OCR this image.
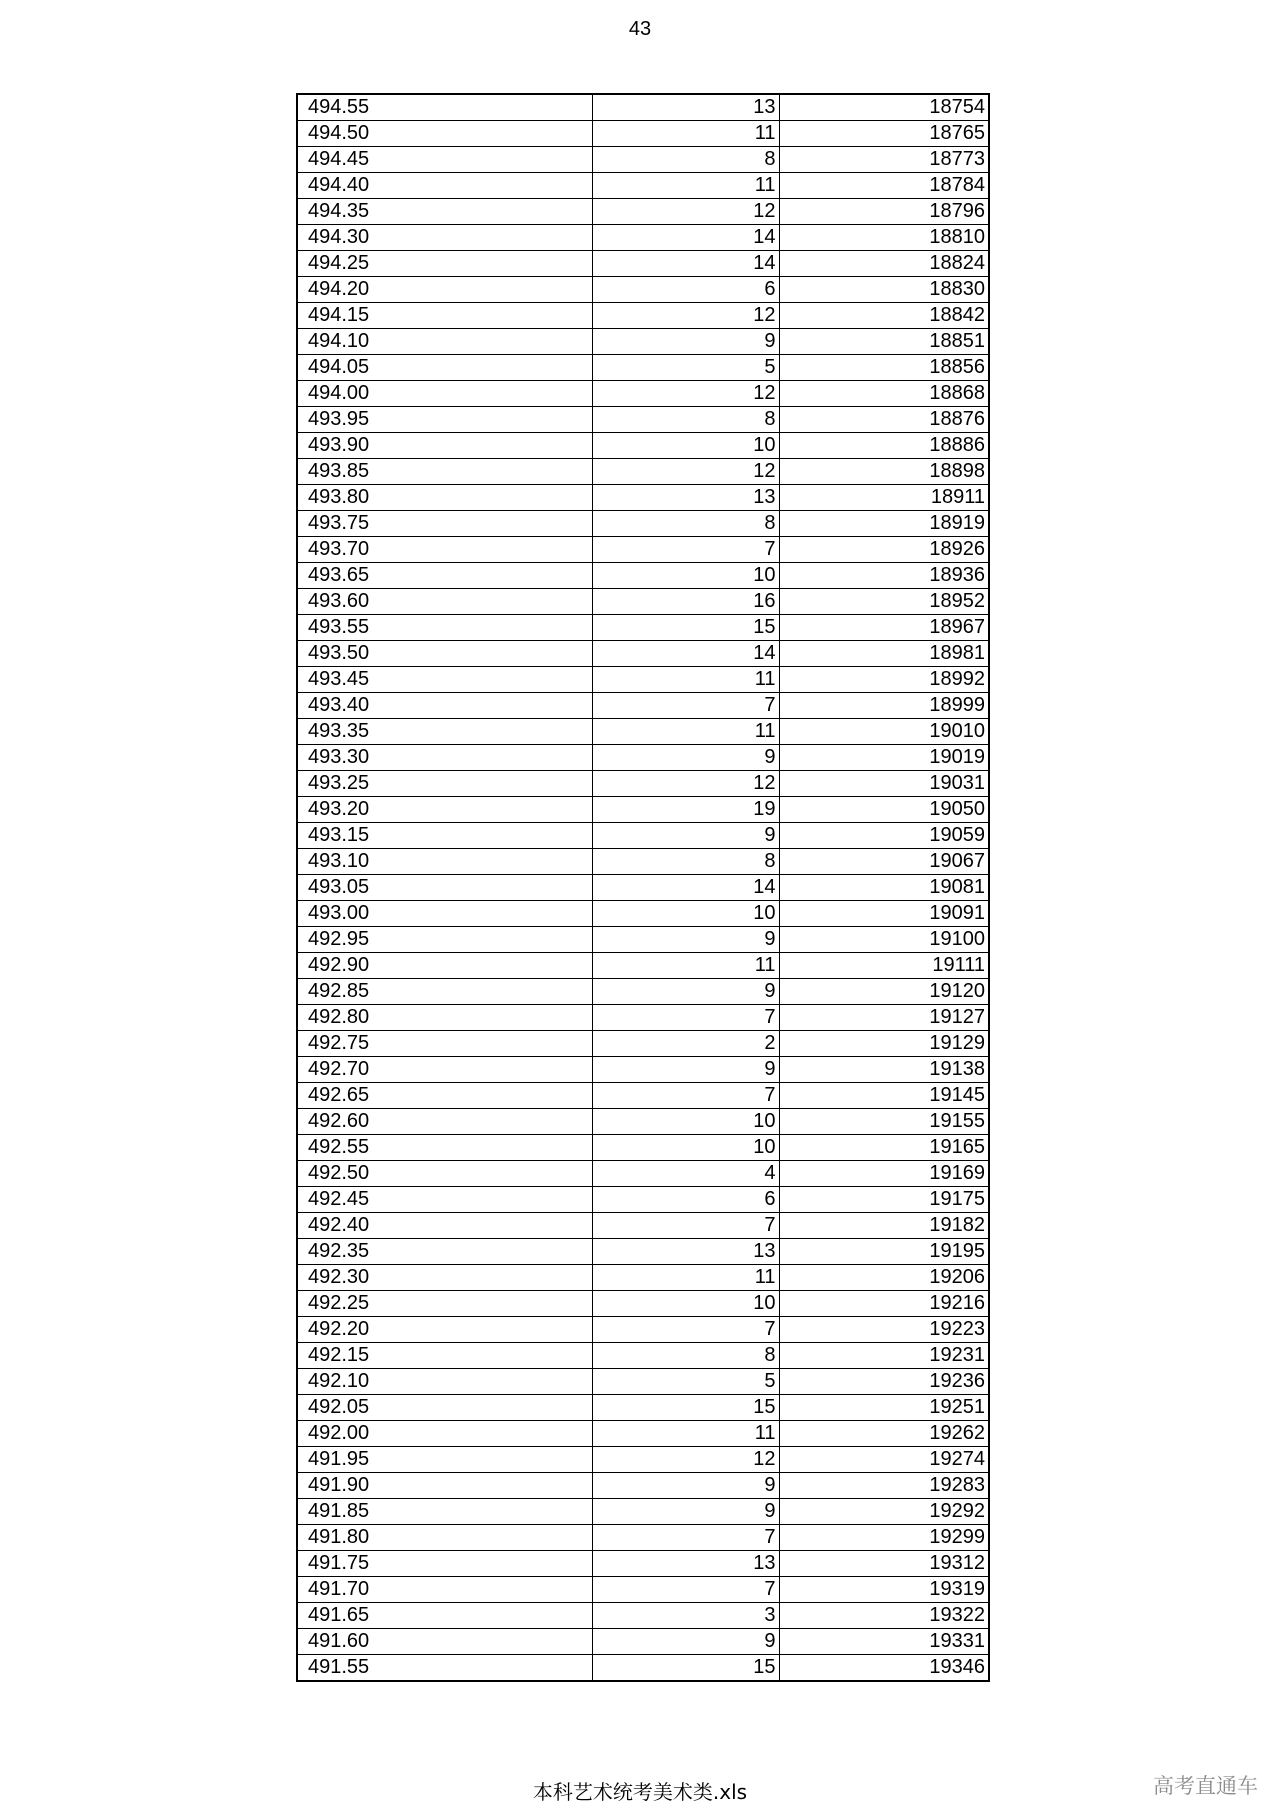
43
494.55	13	18754
494.50	11	18765
494.45	8	18773
494.40	11	18784
494.35	12	18796
494.30	14	18810
494.25	14	18824
494.20	6	18830
494.15	12	18842
494.10	9	18851
494.05	5	18856
494.00	12	18868
493.95	8	18876
493.90	10	18886
493.85	12	18898
493.80	13	18911
493.75	8	18919
493.70	7	18926
493.65	10	18936
493.60	16	18952
493.55	15	18967
493.50	14	18981
493.45	11	18992
493.40	7	18999
493.35	11	19010
493.30	9	19019
493.25	12	19031
493.20	19	19050
493.15	9	19059
493.10	8	19067
493.05	14	19081
493.00	10	19091
492.95	9	19100
492.90	11	19111
492.85	9	19120
492.80	7	19127
492.75	2	19129
492.70	9	19138
492.65	7	19145
492.60	10	19155
492.55	10	19165
492.50	4	19169
492.45	6	19175
492.40	7	19182
492.35	13	19195
492.30	11	19206
492.25	10	19216
492.20	7	19223
492.15	8	19231
492.10	5	19236
492.05	15	19251
492.00	11	19262
491.95	12	19274
491.90	9	19283
491.85	9	19292
491.80	7	19299
491.75	13	19312
491.70	7	19319
491.65	3	19322
491.60	9	19331
491.55	15	19346
本科艺术统考美术类.xls	高考直通车
